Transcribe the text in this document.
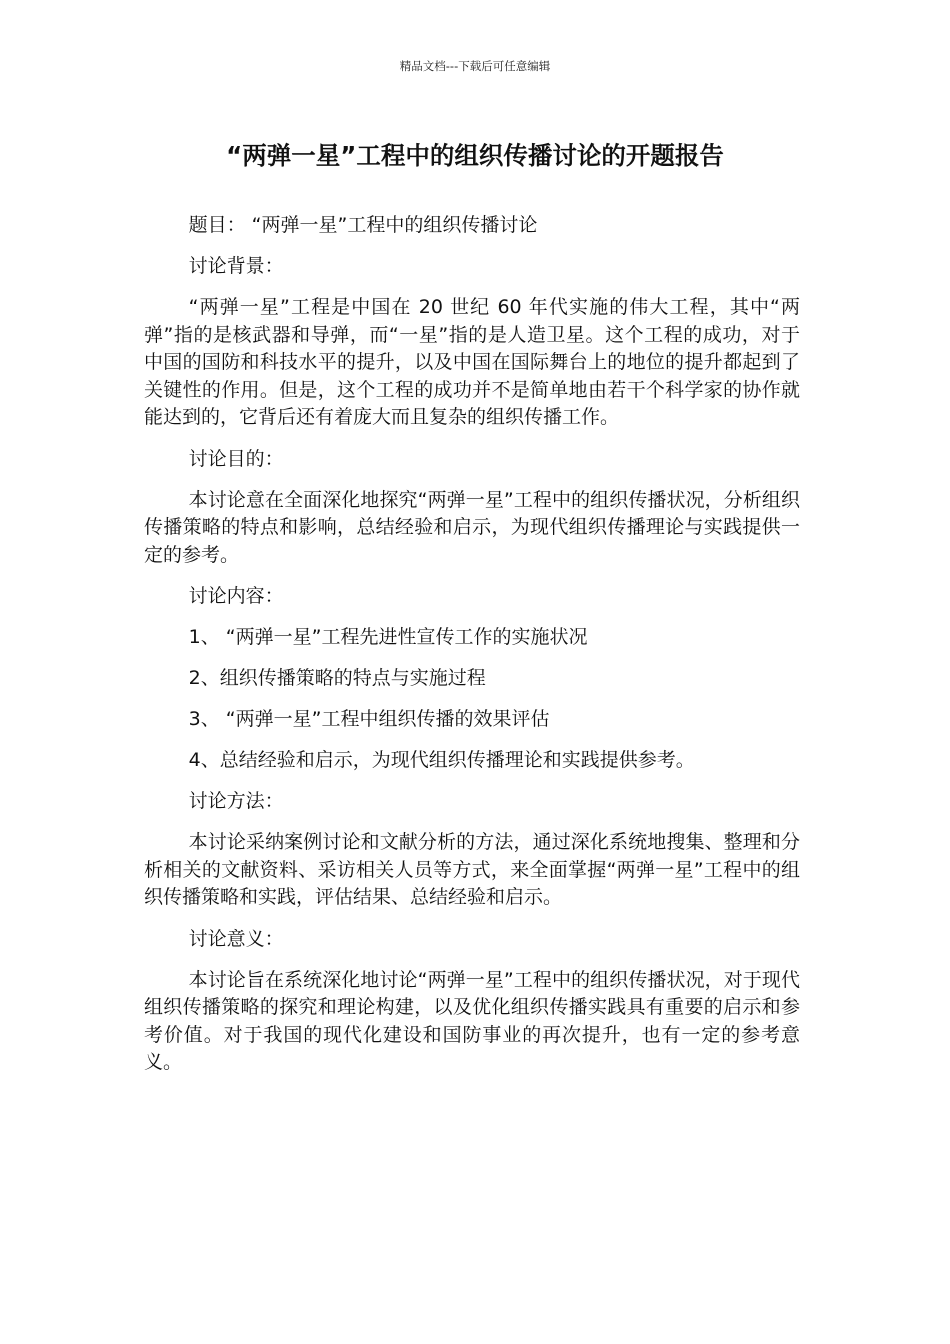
精品文档---下载后可任意编辑
“两弹一星”工程中的组织传播讨论的开题报告

题目： “两弹一星”工程中的组织传播讨论

讨论背景：

“两弹一星”工程是中国在 20 世纪 60 年代实施的伟大工程，其中“两弹”指的是核武器和导弹，而“一星”指的是人造卫星。这个工程的成功，对于中国的国防和科技水平的提升，以及中国在国际舞台上的地位的提升都起到了关键性的作用。但是，这个工程的成功并不是简单地由若干个科学家的协作就能达到的，它背后还有着庞大而且复杂的组织传播工作。

讨论目的：

本讨论意在全面深化地探究“两弹一星”工程中的组织传播状况，分析组织传播策略的特点和影响，总结经验和启示，为现代组织传播理论与实践提供一定的参考。

讨论内容：

1、 “两弹一星”工程先进性宣传工作的实施状况

2、组织传播策略的特点与实施过程

3、 “两弹一星”工程中组织传播的效果评估

4、总结经验和启示，为现代组织传播理论和实践提供参考。

讨论方法：

本讨论采纳案例讨论和文献分析的方法，通过深化系统地搜集、整理和分析相关的文献资料、采访相关人员等方式，来全面掌握“两弹一星”工程中的组织传播策略和实践，评估结果、总结经验和启示。

讨论意义：

本讨论旨在系统深化地讨论“两弹一星”工程中的组织传播状况，对于现代组织传播策略的探究和理论构建，以及优化组织传播实践具有重要的启示和参考价值。对于我国的现代化建设和国防事业的再次提升，也有一定的参考意义。
